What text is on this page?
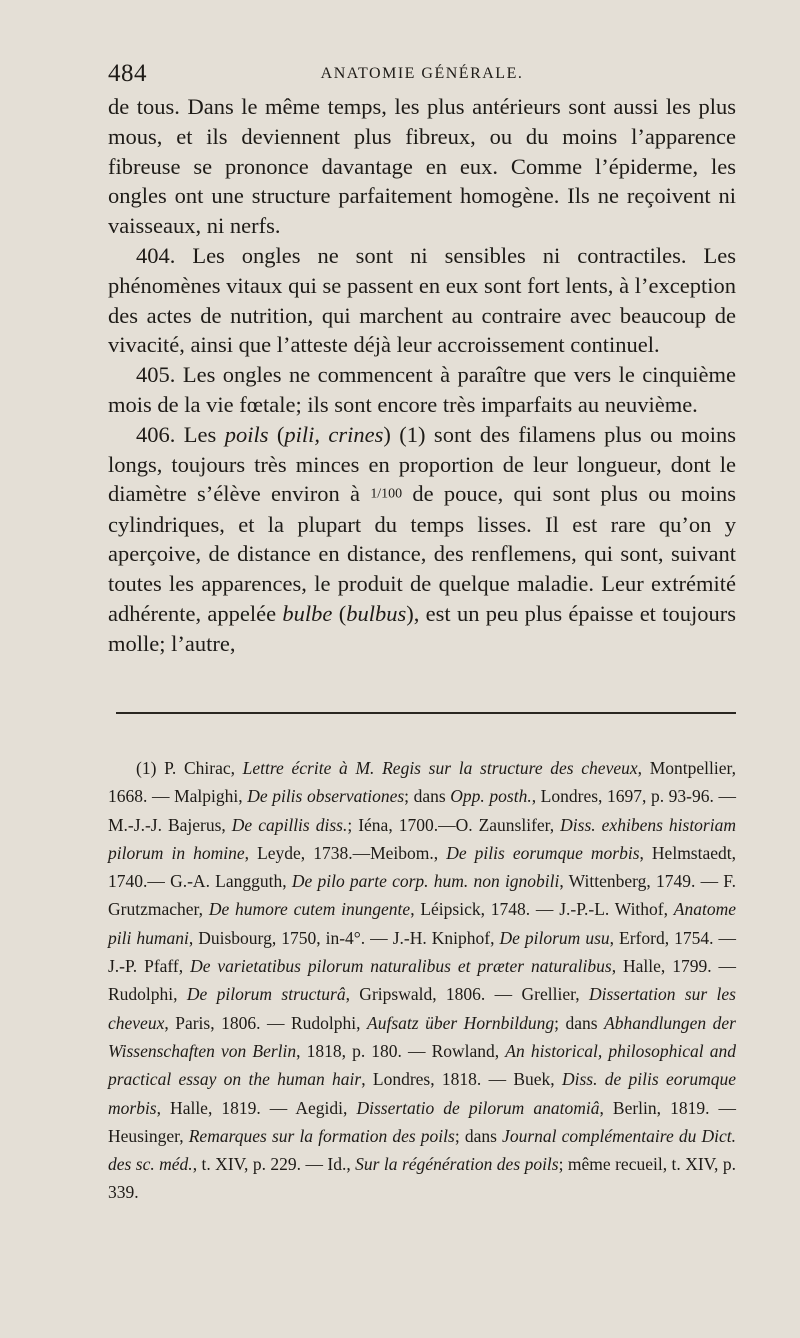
484	ANATOMIE GÉNÉRALE.

de tous. Dans le même temps, les plus antérieurs sont aussi les plus mous, et ils deviennent plus fibreux, ou du moins l’apparence fibreuse se prononce davantage en eux. Comme l’épiderme, les ongles ont une structure parfaitement homogène. Ils ne reçoivent ni vaisseaux, ni nerfs.

404. Les ongles ne sont ni sensibles ni contractiles. Les phénomènes vitaux qui se passent en eux sont fort lents, à l’exception des actes de nutrition, qui marchent au contraire avec beaucoup de vivacité, ainsi que l’atteste déjà leur accroissement continuel.

405. Les ongles ne commencent à paraître que vers le cinquième mois de la vie fœtale; ils sont encore très imparfaits au neuvième.

406. Les poils (pili, crines) (1) sont des filamens plus ou moins longs, toujours très minces en proportion de leur longueur, dont le diamètre s’élève environ à 1/100 de pouce, qui sont plus ou moins cylindriques, et la plupart du temps lisses. Il est rare qu’on y aperçoive, de distance en distance, des renflemens, qui sont, suivant toutes les apparences, le produit de quelque maladie. Leur extrémité adhérente, appelée bulbe (bulbus), est un peu plus épaisse et toujours molle; l’autre,

(1) P. Chirac, Lettre écrite à M. Regis sur la structure des cheveux, Montpellier, 1668. — Malpighi, De pilis observationes; dans Opp. posth., Londres, 1697, p. 93-96. — M.-J.-J. Bajerus, De capillis diss.; Iéna, 1700.—O. Zaunslifer, Diss. exhibens historiam pilorum in homine, Leyde, 1738.—Meibom., De pilis eorumque morbis, Helmstaedt, 1740.— G.-A. Langguth, De pilo parte corp. hum. non ignobili, Wittenberg, 1749. — F. Grutzmacher, De humore cutem inungente, Léipsick, 1748. — J.-P.-L. Withof, Anatome pili humani, Duisbourg, 1750, in-4°. — J.-H. Kniphof, De pilorum usu, Erford, 1754. — J.-P. Pfaff, De varietatibus pilorum naturalibus et præter naturalibus, Halle, 1799. —Rudolphi, De pilorum structurâ, Gripswald, 1806. — Grellier, Dissertation sur les cheveux, Paris, 1806. — Rudolphi, Aufsatz über Hornbildung; dans Abhandlungen der Wissenschaften von Berlin, 1818, p. 180. — Rowland, An historical, philosophical and practical essay on the human hair, Londres, 1818. — Buek, Diss. de pilis eorumque morbis, Halle, 1819. — Aegidi, Dissertatio de pilorum anatomiâ, Berlin, 1819. — Heusinger, Remarques sur la formation des poils; dans Journal complémentaire du Dict. des sc. méd., t. XIV, p. 229. — Id., Sur la régénération des poils; même recueil, t. XIV, p. 339.
